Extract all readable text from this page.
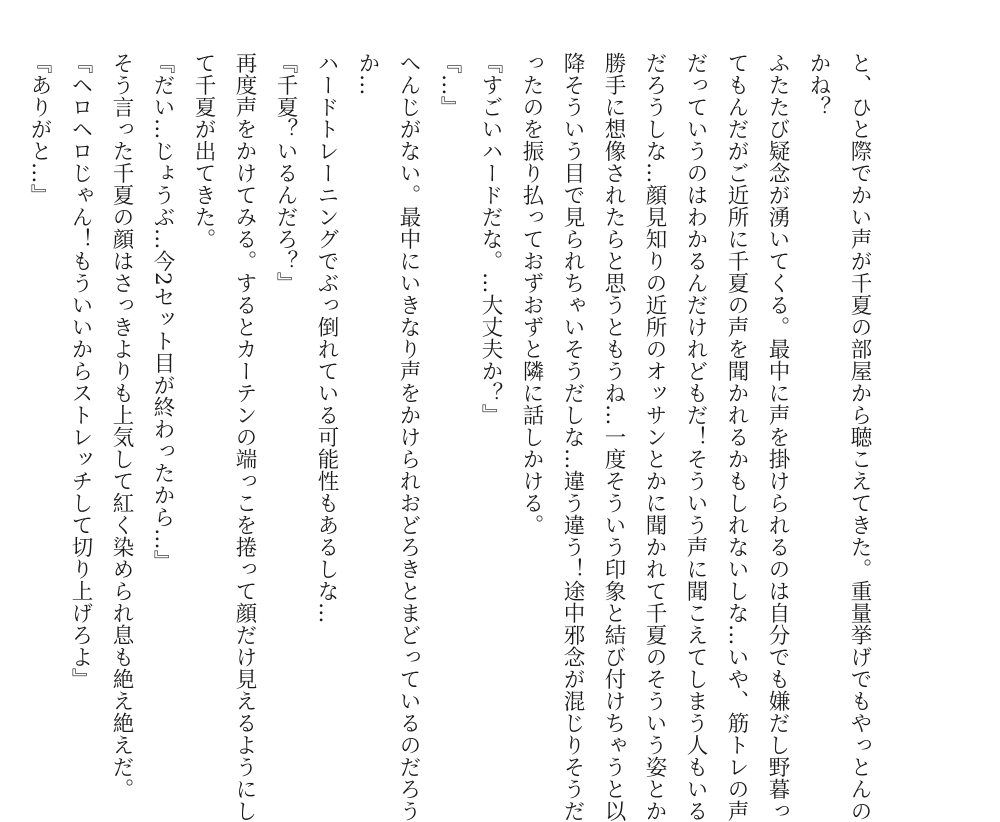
と、ひと際でかい声が千夏の部屋から聴こえてきた。重量挙げでもやっとんの
かね？
ふたたび疑念が湧いてくる。最中に声を掛けられるのは自分でも嫌だし野暮っ
てもんだがご近所に千夏の声を聞かれるかもしれないしな…いや、筋トレの声
だっていうのはわかるんだけれどもだ！そういう声に聞こえてしまう人もいる
だろうしな…顔見知りの近所のオッサンとかに聞かれて千夏のそういう姿とか
勝手に想像されたらと思うともうね…一度そういう印象と結び付けちゃうと以
降そういう目で見られちゃいそうだしな…違う違う！途中邪念が混じりそうだ
ったのを振り払っておずおずと隣に話しかける。
『すごいハードだな。…大丈夫か？』
『…』
へんじがない。最中にいきなり声をかけられおどろきとまどっているのだろう
か…
ハードトレーニングでぶっ倒れている可能性もあるしな…
『千夏？いるんだろ？』
再度声をかけてみる。するとカーテンの端っこを捲って顔だけ見えるようにし
て千夏が出てきた。
『だい…じょうぶ…今2セット目が終わったから…』
そう言った千夏の顔はさっきよりも上気して紅く染められ息も絶え絶えだ。
『ヘロヘロじゃん！もういいからストレッチして切り上げろよ』
『ありがと…』
